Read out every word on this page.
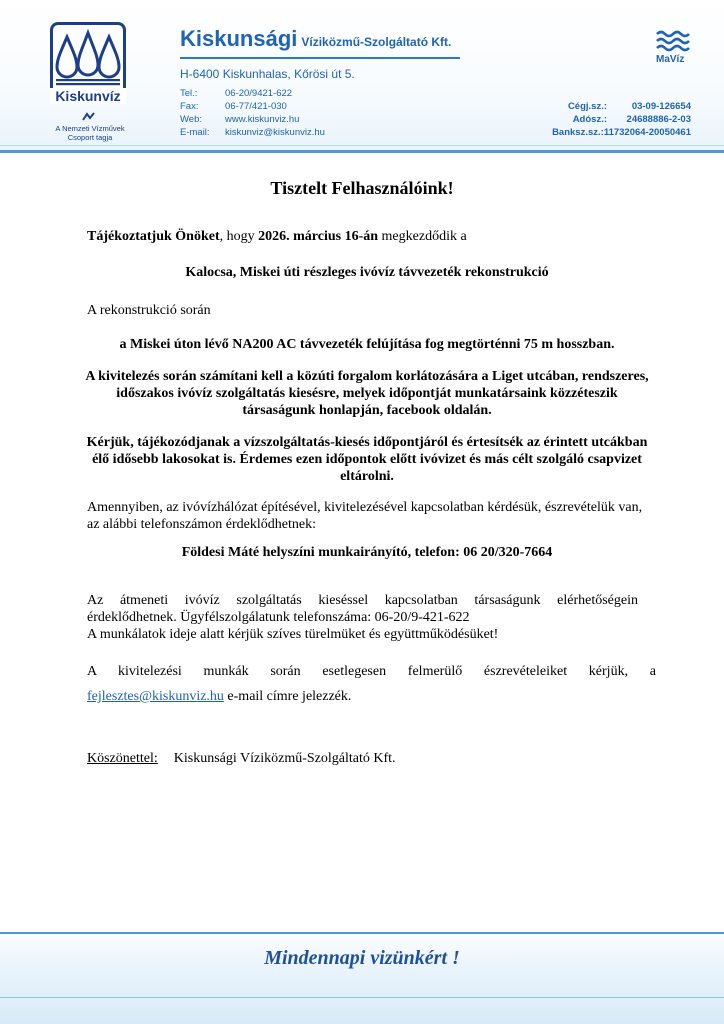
Kiskunvíz
A Nemzeti Vízművek
Csoport tagja
Kiskunsági Víziközmű-Szolgáltató Kft.
H-6400 Kiskunhalas, Kőrösi út 5.
Tel.:	06-20/9421-622
Fax:	06-77/421-030
Web:	www.kiskunviz.hu
E-mail:	kiskunviz@kiskunviz.hu
Cégj.sz.:	03-09-126654
Adósz.:	24688886-2-03
Banksz.sz.: 11732064-20050461
MaVíz
Tisztelt Felhasználóink!
Tájékoztatjuk Önöket, hogy 2026. március 16-án megkezdődik a
Kalocsa, Miskei úti részleges ivóvíz távvezeték rekonstrukció
A rekonstrukció során
a Miskei úton lévő NA200 AC távvezeték felújítása fog megtörténni 75 m hosszban.
A kivitelezés során számítani kell a közúti forgalom korlátozására a Liget utcában, rendszeres, időszakos ivóvíz szolgáltatás kiesésre, melyek időpontját munkatársaink közzéteszik társaságunk honlapján, facebook oldalán.
Kérjük, tájékozódjanak a vízszolgáltatás-kiesés időpontjáról és értesítsék az érintett utcákban élő idősebb lakosokat is. Érdemes ezen időpontok előtt ivóvizet és más célt szolgáló csapvizet eltárolni.
Amennyiben, az ivóvízhálózat építésével, kivitelezésével kapcsolatban kérdésük, észrevételük van, az alábbi telefonszámon érdeklődhetnek:
Földesi Máté helyszíni munkairányító, telefon: 06 20/320-7664
Az átmeneti ivóvíz szolgáltatás kieséssel kapcsolatban társaságunk elérhetőségein
érdeklődhetnek. Ügyfélszolgálatunk telefonszáma: 06-20/9-421-622
A munkálatok ideje alatt kérjük szíves türelmüket és együttműködésüket!
A kivitelezési munkák során esetlegesen felmerülő észrevételeiket kérjük, a
fejlesztes@kiskunviz.hu e-mail címre jelezzék.
Köszönettel: Kiskunsági Víziközmű-Szolgáltató Kft.
Mindennapi vizünkért !
